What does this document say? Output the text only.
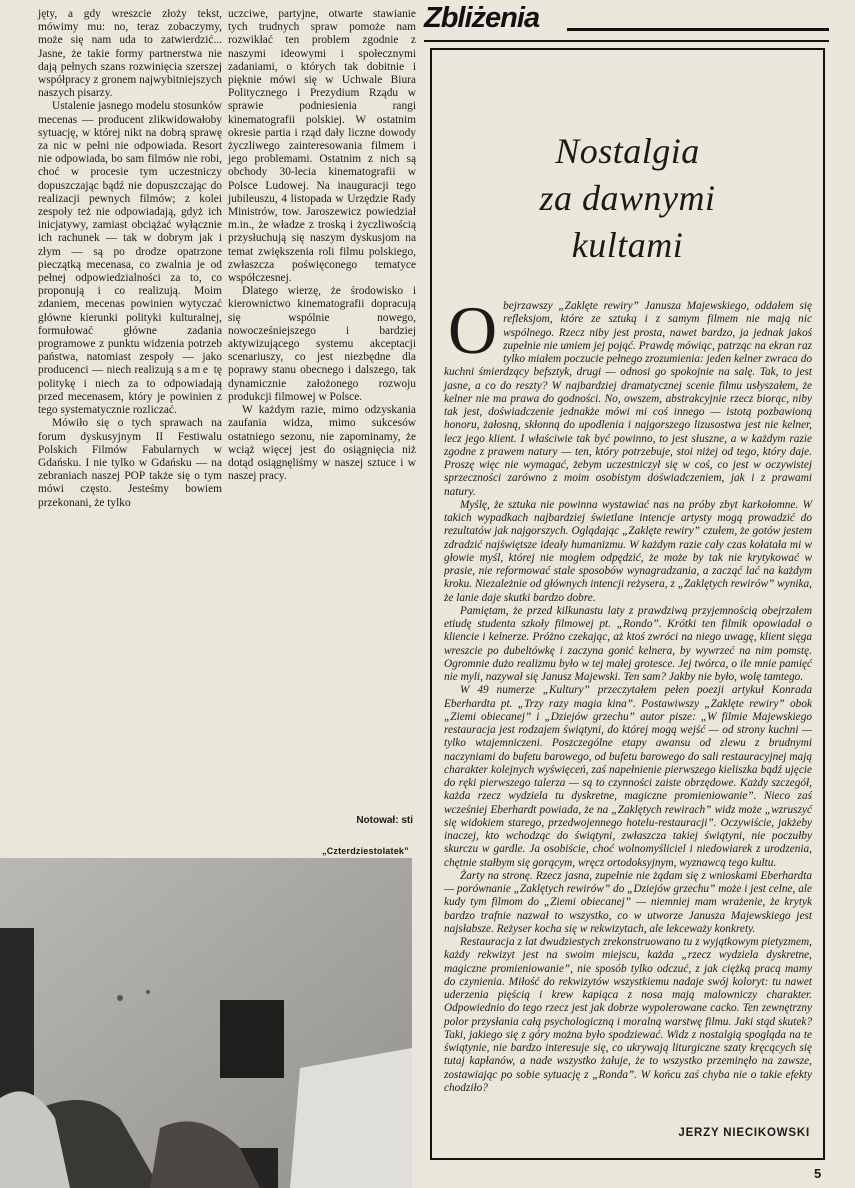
jęty, a gdy wreszcie złoży tekst, mówimy mu: no, teraz zobaczymy, może się nam uda to zatwierdzić... Jasne, że takie formy partnerstwa nie dają pełnych szans rozwinięcia szerszej współpracy z gronem najwybitniejszych naszych pisarzy.

Ustalenie jasnego modelu stosunków mecenas — producent zlikwidowałoby sytuację, w której nikt na dobrą sprawę za nic w pełni nie odpowiada. Resort nie odpowiada, bo sam filmów nie robi, choć w procesie tym uczestniczy dopuszczając bądź nie dopuszczając do realizacji pewnych filmów; z kolei zespoły też nie odpowiadają, gdyż ich inicjatywy, zamiast obciążać wyłącznie ich rachunek — tak w dobrym jak i złym — są po drodze opatrzone pieczątką mecenasa, co zwalnia je od pełnej odpowiedzialności za to, co proponują i co realizują. Moim zdaniem, mecenas powinien wytyczać główne kierunki polityki kulturalnej, formułować główne zadania programowe z punktu widzenia potrzeb państwa, natomiast zespoły — jako producenci — niech realizują same tę politykę i niech za to odpowiadają przed mecenasem, który je powinien z tego systematycznie rozliczać.

Mówiło się o tych sprawach na forum dyskusyjnym II Festiwalu Polskich Filmów Fabularnych w Gdańsku. I nie tylko w Gdańsku — na zebraniach naszej POP także się o tym mówi często. Jesteśmy bowiem przekonani, że tylko

uczciwe, partyjne, otwarte stawianie tych trudnych spraw pomoże nam rozwikłać ten problem zgodnie z naszymi ideowymi i społecznymi zadaniami, o których tak dobitnie i pięknie mówi się w Uchwale Biura Politycznego i Prezydium Rządu w sprawie podniesienia rangi kinematografii polskiej. W ostatnim okresie partia i rząd dały liczne dowody życzliwego zainteresowania filmem i jego problemami. Ostatnim z nich są obchody 30-lecia kinematografii w Polsce Ludowej. Na inauguracji tego jubileuszu, 4 listopada w Urzędzie Rady Ministrów, tow. Jaroszewicz powiedział m.in., że władze z troską i życzliwością przysłuchują się naszym dyskusjom na temat zwiększenia roli filmu polskiego, zwłaszcza poświęconego tematyce współczesnej.

Dlatego wierzę, że środowisko i kierownictwo kinematografii dopracują się wspólnie nowego, nowocześniejszego i bardziej aktywizującego systemu akceptacji scenariuszy, co jest niezbędne dla poprawy stanu obecnego i dalszego, tak dynamicznie założonego rozwoju produkcji filmowej w Polsce.

W każdym razie, mimo odzyskania zaufania widza, mimo sukcesów ostatniego sezonu, nie zapominamy, że wciąż więcej jest do osiągnięcia niż dotąd osiągnęliśmy w naszej sztuce i w naszej pracy.

Notował: sti
„Czterdziestolatek”
Zbliżenia
Nostalgia
za dawnymi
kultami

Obejrzawszy „Zaklęte rewiry” Janusza Majewskiego, oddałem się refleksjom, które ze sztuką i z samym filmem nie mają nic wspólnego. Rzecz niby jest prosta, nawet bardzo, ja jednak jakoś zupełnie nie umiem jej pojąć. Prawdę mówiąc, patrząc na ekran raz tylko miałem poczucie pełnego zrozumienia: jeden kelner zwraca do kuchni śmierdzący befsztyk, drugi — odnosi go spokojnie na salę. Tak, to jest jasne, a co do reszty? W najbardziej dramatycznej scenie filmu usłyszałem, że kelner nie ma prawa do godności. No, owszem, abstrakcyjnie rzecz biorąc, niby tak jest, doświadczenie jednakże mówi mi coś innego — istotą pozbawioną honoru, żałosną, skłonną do upodlenia i najgorszego lizusostwa jest nie kelner, lecz jego klient. I właściwie tak być powinno, to jest słuszne, a w każdym razie zgodne z prawem natury — ten, który potrzebuje, stoi niżej od tego, który daje. Proszę więc nie wymagać, żebym uczestniczył się w coś, co jest w oczywistej sprzeczności zarówno z moim osobistym doświadczeniem, jak i z prawami natury.

Myślę, że sztuka nie powinna wystawiać nas na próby zbyt karkołomne. W takich wypadkach najbardziej świetlane intencje artysty mogą prowadzić do rezultatów jak najgorszych. Oglądając „Zaklęte rewiry” czułem, że gotów jestem zdradzić najświętsze ideały humanizmu. W każdym razie cały czas kołatała mi w głowie myśl, której nie mogłem odpędzić, że może by tak nie krytykować w prasie, nie reformować stale sposobów wynagradzania, a zacząć lać na każdym kroku. Niezależnie od głównych intencji reżysera, z „Zaklętych rewirów” wynika, że lanie daje skutki bardzo dobre.

Pamiętam, że przed kilkunastu laty z prawdziwą przyjemnością obejrzałem etiudę studenta szkoły filmowej pt. „Rondo”. Krótki ten filmik opowiadał o kliencie i kelnerze. Próżno czekając, aż ktoś zwróci na niego uwagę, klient sięga wreszcie po dubeltówkę i zaczyna gonić kelnera, by wywrzeć na nim pomstę. Ogromnie dużo realizmu było w tej małej grotesce. Jej twórca, o ile mnie pamięć nie myli, nazywał się Janusz Majewski. Ten sam? Jakby nie było, wolę tamtego.

W 49 numerze „Kultury” przeczytałem pełen poezji artykuł Konrada Eberhardta pt. „Trzy razy magia kina”. Postawiwszy „Zaklęte rewiry” obok „Ziemi obiecanej” i „Dziejów grzechu” autor pisze: „W filmie Majewskiego restauracja jest rodzajem świątyni, do której mogą wejść — od strony kuchni — tylko wtajemniczeni. Poszczególne etapy awansu od zlewu z brudnymi naczyniami do bufetu barowego, od bufetu barowego do sali restauracyjnej mają charakter kolejnych wyświęceń, zaś napełnienie pierwszego kieliszka bądź ujęcie do ręki pierwszego talerza — są to czynności zaiste obrzędowe. Każdy szczegół, każda rzecz wydziela tu dyskretne, magiczne promieniowanie”. Nieco zaś wcześniej Eberhardt powiada, że na „Zaklętych rewirach” widz może „wzruszyć się widokiem starego, przedwojennego hotelu-restauracji”. Oczywiście, jakżeby inaczej, kto wchodząc do świątyni, zwłaszcza takiej świątyni, nie poczułby skurczu w gardle. Ja osobiście, choć wolnomyśliciel i niedowiarek z urodzenia, chętnie stałbym się gorącym, wręcz ortodoksyjnym, wyznawcą tego kultu.

Żarty na stronę. Rzecz jasna, zupełnie nie żądam się z wnioskami Eberhardta — porównanie „Zaklętych rewirów” do „Dziejów grzechu” może i jest celne, ale kudy tym filmom do „Ziemi obiecanej” — niemniej mam wrażenie, że krytyk bardzo trafnie nazwał to wszystko, co w utworze Janusza Majewskiego jest najsłabsze. Reżyser kocha się w rekwizytach, ale lekceważy konkrety.

Restauracja z lat dwudziestych zrekonstruowano tu z wyjątkowym pietyzmem, każdy rekwizyt jest na swoim miejscu, każda „rzecz wydziela dyskretne, magiczne promieniowanie”, nie sposób tylko odczuć, z jak ciężką pracą mamy do czynienia. Miłość do rekwizytów wszystkiemu nadaje swój koloryt: tu nawet uderzenia pięścią i krew kapiąca z nosa mają malowniczy charakter. Odpowiednio do tego rzecz jest jak dobrze wypolerowane cacko. Ten zewnętrzny polor przysłania całą psychologiczną i moralną warstwę filmu. Jaki stąd skutek? Taki, jakiego się z góry można było spodziewać. Widz z nostalgią spogląda na te świątynie, nie bardzo interesuje się, co ukrywają liturgiczne szaty kręcących się tutaj kapłanów, a nade wszystko żałuje, że to wszystko przeminęło na zawsze, zostawiając po sobie sytuację z „Ronda”. W końcu zaś chyba nie o takie efekty chodziło?

JERZY NIECIKOWSKI
5
